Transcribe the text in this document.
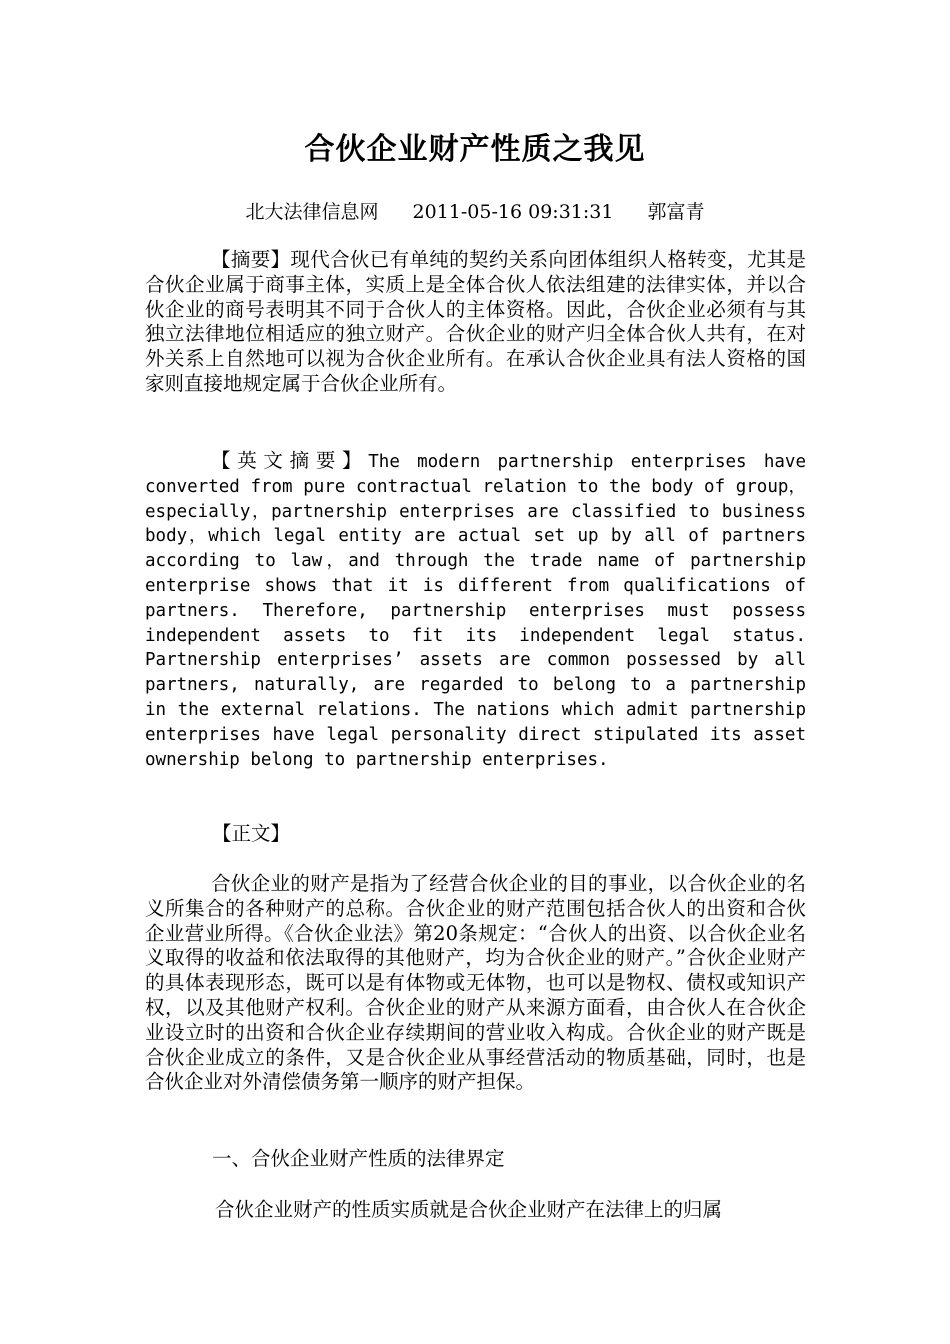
合伙企业财产性质之我见
北大法律信息网 2011-05-16 09:31:31 郭富青
【摘要】现代合伙已有单纯的契约关系向团体组织人格转变，尤其是合伙企业属于商事主体，实质上是全体合伙人依法组建的法律实体，并以合伙企业的商号表明其不同于合伙人的主体资格。因此，合伙企业必须有与其独立法律地位相适应的独立财产。合伙企业的财产归全体合伙人共有，在对外关系上自然地可以视为合伙企业所有。在承认合伙企业具有法人资格的国家则直接地规定属于合伙企业所有。
【英文摘要】The modern partnership enterprises have converted from pure contractual relation to the body of group，especially，partnership enterprises are classified to business body，which legal entity are actual set up by all of partners according to law，and through the trade name of partnership enterprise shows that it is different from qualifications of partners. Therefore, partnership enterprises must possess independent assets to fit its independent legal status. Partnership enterprises’ assets are common possessed by all partners, naturally, are regarded to belong to a partnership in the external relations. The nations which admit partnership enterprises have legal personality direct stipulated its asset ownership belong to partnership enterprises.
【正文】
合伙企业的财产是指为了经营合伙企业的目的事业，以合伙企业的名义所集合的各种财产的总称。合伙企业的财产范围包括合伙人的出资和合伙企业营业所得。《合伙企业法》第20条规定：“合伙人的出资、以合伙企业名义取得的收益和依法取得的其他财产，均为合伙企业的财产。”合伙企业财产的具体表现形态，既可以是有体物或无体物，也可以是物权、债权或知识产权，以及其他财产权利。合伙企业的财产从来源方面看，由合伙人在合伙企业设立时的出资和合伙企业存续期间的营业收入构成。合伙企业的财产既是合伙企业成立的条件，又是合伙企业从事经营活动的物质基础，同时，也是合伙企业对外清偿债务第一顺序的财产担保。
一、合伙企业财产性质的法律界定
合伙企业财产的性质实质就是合伙企业财产在法律上的归属
